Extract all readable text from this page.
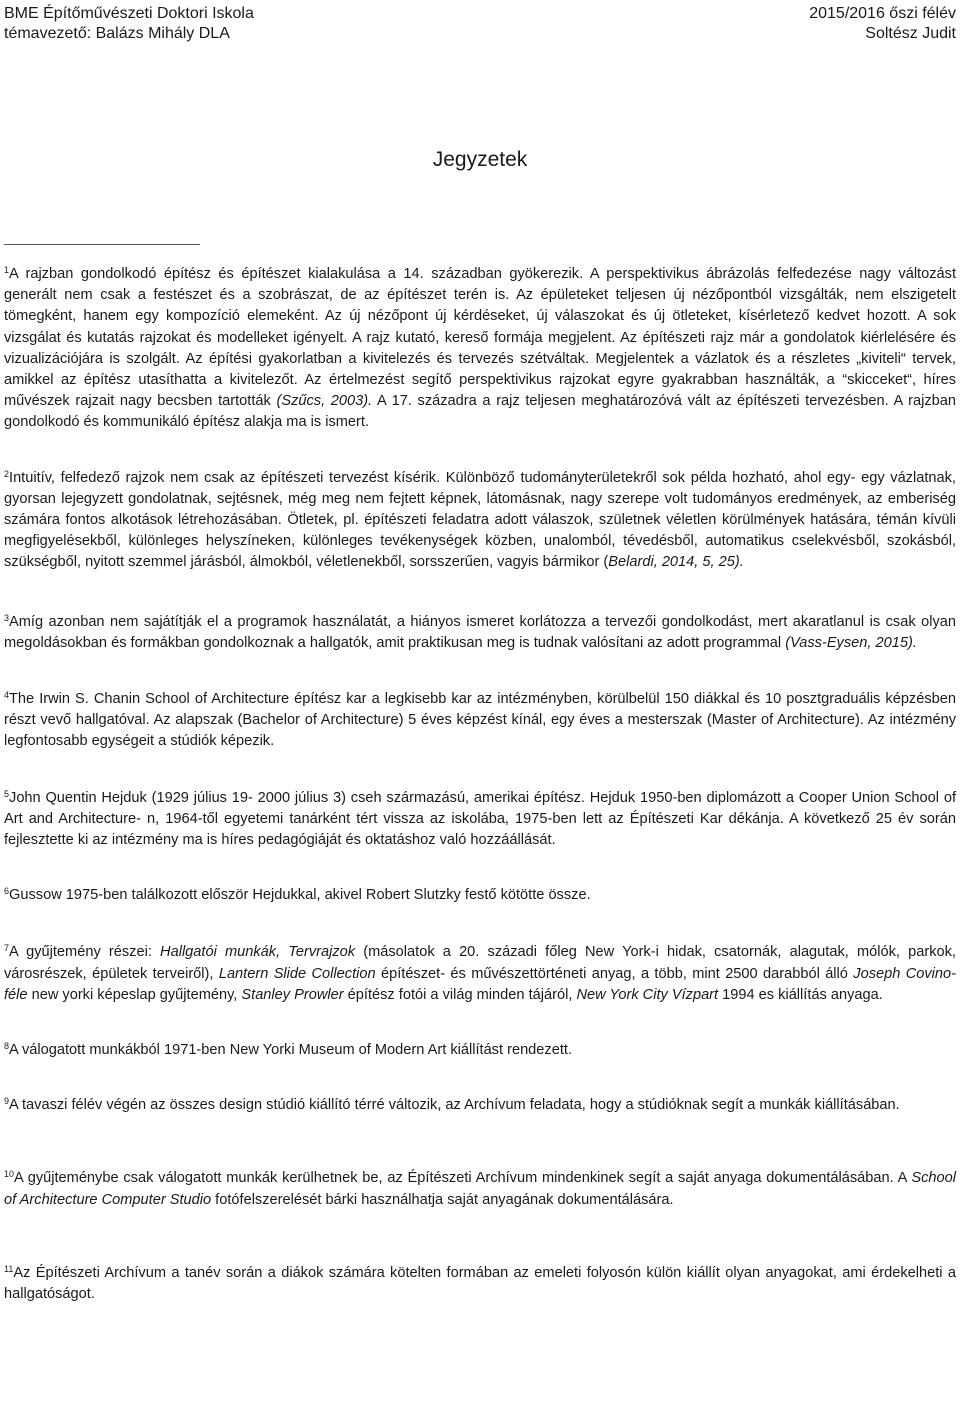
BME Építőművészeti Doktori Iskola
témavezető: Balázs Mihály DLA
2015/2016 őszi félév
Soltész Judit
Jegyzetek

$^1$A rajzban gondolkodó építész és építészet kialakulása a 14. században gyökerezik. A perspektivikus ábrázolás felfedezése nagy változást generált nem csak a festészet és a szobrászat, de az építészet terén is. Az épületeket teljesen új nézőpontból vizsgálták, nem elszigetelt tömegként, hanem egy kompozíció elemeként. Az új nézőpont új kérdéseket, új válaszokat és új ötleteket, kísérletező kedvet hozott. A sok vizsgálat és kutatás rajzokat és modelleket igényelt. A rajz kutató, kereső formája megjelent. Az építészeti rajz már a gondolatok kiérlelésére és vizualizációjára is szolgált. Az építési gyakorlatban a kivitelezés és tervezés szétváltak. Megjelentek a vázlatok és a részletes „kiviteli“ tervek, amikkel az építész utasíthatta a kivitelezőt. Az értelmezést segítő perspektivikus rajzokat egyre gyakrabban használták, a “skicceket“, híres művészek rajzait nagy becsben tartották (Szűcs, 2003). A 17. századra a rajz teljesen meghatározóvá vált az építészeti tervezésben. A rajzban gondolkodó és kommunikáló építész alakja ma is ismert.

$^2$Intuitív, felfedező rajzok nem csak az építészeti tervezést kísérik. Különböző tudományterületekről sok példa hozható, ahol egy- egy vázlatnak, gyorsan lejegyzett gondolatnak, sejtésnek, még meg nem fejtett képnek, látomásnak, nagy szerepe volt tudományos eredmények, az emberiség számára fontos alkotások létrehozásában. Ötletek, pl. építészeti feladatra adott válaszok, születnek véletlen körülmények hatására, témán kívüli megfigyelésekből, különleges helyszíneken, különleges tevékenységek közben, unalomból, tévedésből, automatikus cselekvésből, szokásból, szükségből, nyitott szemmel járásból, álmokból, véletlenekből, sorsszerűen, vagyis bármikor (Belardi, 2014, 5, 25).

$^3$Amíg azonban nem sajátítják el a programok használatát, a hiányos ismeret korlátozza a tervezői gondolkodást, mert akaratlanul is csak olyan megoldásokban és formákban gondolkoznak a hallgatók, amit praktikusan meg is tudnak valósítani az adott programmal (Vass-Eysen, 2015).

$^4$The Irwin S. Chanin School of Architecture építész kar a legkisebb kar az intézményben, körülbelül 150 diákkal és 10 posztgraduális képzésben részt vevő hallgatóval. Az alapszak (Bachelor of Architecture) 5 éves képzést kínál, egy éves a mesterszak (Master of Architecture). Az intézmény legfontosabb egységeit a stúdiók képezik.

$^5$John Quentin Hejduk (1929 július 19- 2000 július 3) cseh származású, amerikai építész. Hejduk 1950-ben diplomázott a Cooper Union School of Art and Architecture- n, 1964-től egyetemi tanárként tért vissza az iskolába, 1975-ben lett az Építészeti Kar dékánja. A következő 25 év során fejlesztette ki az intézmény ma is híres pedagógiáját és oktatáshoz való hozzáállását.

$^6$Gussow 1975-ben találkozott először Hejdukkal, akivel Robert Slutzky festő kötötte össze.

$^7$A gyűjtemény részei: Hallgatói munkák, Tervrajzok (másolatok a 20. századi főleg New York-i hidak, csatornák, alagutak, mólók, parkok, városrészek, épületek terveiről), Lantern Slide Collection építészet- és művészettörténeti anyag, a több, mint 2500 darabból álló Joseph Covino- féle new yorki képeslap gyűjtemény, Stanley Prowler építész fotói a világ minden tájáról, New York City Vízpart 1994 es kiállítás anyaga.

$^8$A válogatott munkákból 1971-ben New Yorki Museum of Modern Art kiállítást rendezett.

$^9$A tavaszi félév végén az összes design stúdió kiállító térré változik, az Archívum feladata, hogy a stúdióknak segít a munkák kiállításában.

$^{10}$A gyűjteménybe csak válogatott munkák kerülhetnek be, az Építészeti Archívum mindenkinek segít a saját anyaga dokumentálásában. A School of Architecture Computer Studio fotófelszerelését bárki használhatja saját anyagának dokumentálására.

$^{11}$Az Építészeti Archívum a tanév során a diákok számára kötelten formában az emeleti folyosón külön kiállít olyan anyagokat, ami érdekelheti a hallgatóságot.
